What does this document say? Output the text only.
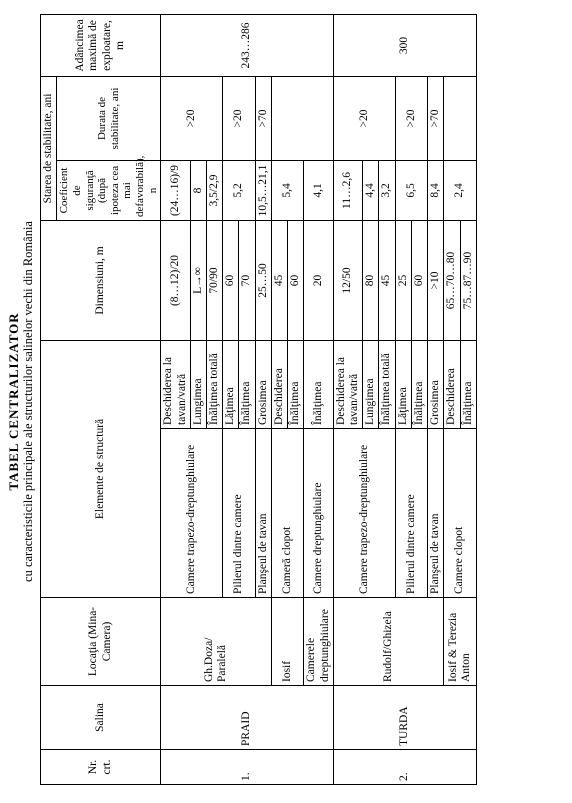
TABEL CENTRALIZATOR cu caracteristicile principale ale structurilor salinelor vechi din România
Nr. crt.	Salina	Locaţia (Mina-Camera)	Elemente de structură		Dimensiuni, m	Starea de stabilitate, ani		Adâncimea maximă de exploatare, m
						Coeficient de siguranţă (după ipoteza cea mai defavorabilă), n	Durata de stabilitate, ani	
1.	PRAID	Gh.Doza/ Paralelă	Camere trapezo-dreptunghiulare	Deschiderea la tavan/vatră	(8…12)/20	(24…16)/9	>20	243…286
				Lungimea	L→∞	8		
				Înălţimea totală	70/90	3,5/2,9		
			Pilierul dintre camere	Lăţimea	60	5,2	>20	
				Înălţimea	70			
			Planşeul de tavan	Grosimea	25…50	10,5…21,1	>70	
		Iosif	Cameră clopot	Deschiderea	45	5,4		
				Înălţimea	60			
		Camerele dreptunghiulare	Camere dreptunghiulare	Înălţimea	20	4,1		

2.	TURDA	Rudolf/Ghizela	Camere trapezo-dreptunghiulare	Deschiderea la tavan/vatră	12/50	11…2,6	>20	300
				Lungimea	80	4,4		
				Înălţimea totală	45	3,2		
			Pilierul dintre camere	Lăţimea	25	6,5	>20	
				Înălţimea	60			
			Planşeul de tavan	Grosimea	>10	8,4	>70	
		Iosif & Terezia Anton	Camere clopot	Deschiderea	65…70…80	2,4		
				Înălţimea	75…87…90			
